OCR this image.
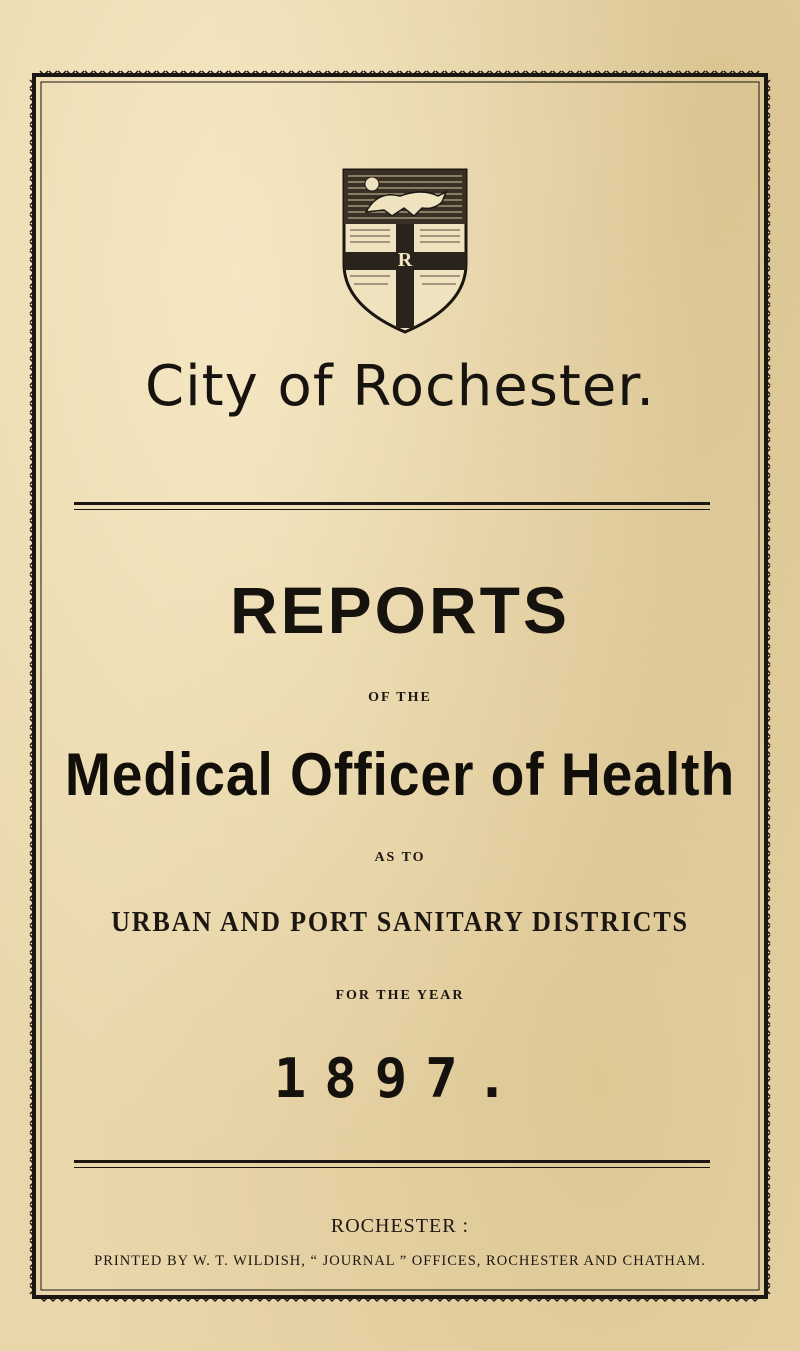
R
City of Rochester.
REPORTS
OF THE
Medical Officer of Health
AS TO
URBAN AND PORT SANITARY DISTRICTS
FOR THE YEAR
1897.
ROCHESTER :
PRINTED BY W. T. WILDISH, “ JOURNAL ” OFFICES, ROCHESTER AND CHATHAM.
